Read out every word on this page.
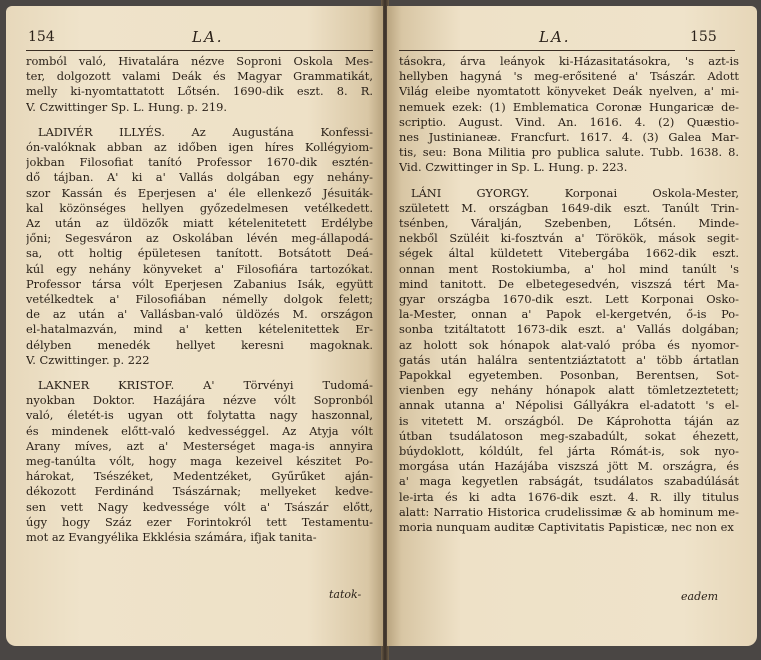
154	LA.
romból való, Hivatalára nézve Soproni Oskola Mes-
ter, dolgozott valami Deák és Magyar Grammatikát,
melly ki-nyomtattatott Lőtsén. 1690-dik eszt. 8. R.
V. Czwittinger Sp. L. Hung. p. 219.
LADIVÉR ILLYÉS. Az Augustána Konfessi-
ón-valóknak abban az időben igen híres Kollégyiom-
jokban Filosofiat tanító Professor 1670-dik esztén-
dő tájban. A' ki a' Vallás dolgában egy nehány-
szor Kassán és Eperjesen a' éle ellenkező Jésuiták-
kal közönséges hellyen győzedelmesen vetélkedett.
Az után az üldözők miatt kételenitetett Erdélybe
jőni; Segesváron az Oskolában lévén meg-állapodá-
sa, ott holtig épületesen tanított. Botsátott Deá-
kúl egy nehány könyveket a' Filosofiára tartozókat.
Professor társa vólt Eperjesen Zabanius Isák, együtt
vetélkedtek a' Filosofiában némelly dolgok felett;
de az után a' Vallásban-való üldözés M. országon
el-hatalmazván, mind a' ketten kételenitettek Er-
délyben menedék hellyet keresni magoknak.
V. Czwittinger. p. 222
LAKNER KRISTOF. A' Törvényi Tudomá-
nyokban Doktor. Hazájára nézve vólt Sopronból
való, életét-is ugyan ott folytatta nagy haszonnal,
és mindenek előtt-való kedvességgel. Az Atyja vólt
Arany míves, azt a' Mesterséget maga-is annyira
meg-tanúlta vólt, hogy maga kezeivel készitet Po-
hárokat, Tsészéket, Medentzéket, Gyűrűket aján-
dékozott Ferdinánd Tsászárnak; mellyeket kedve-
sen vett Nagy kedvessége vólt a' Tsászár előtt,
úgy hogy Száz ezer Forintokról tett Testamentu-
mot az Evangyélika Ekklésia számára, ifjak tanita-
tatok-
LA.	155
tásokra, árva leányok ki-Házasitatásokra, 's azt-is
hellyben hagyná 's meg-erősitené a' Tsászár. Adott
Világ eleibe nyomtatott könyveket Deák nyelven, a' mi-
nemuek ezek: (1) Emblematica Coronæ Hungaricæ de-
scriptio. August. Vind. An. 1616. 4. (2) Quæstio-
nes Justinianeæ. Francfurt. 1617. 4. (3) Galea Mar-
tis, seu: Bona Militia pro publica salute. Tubb. 1638. 8.
Vid. Czwittinger in Sp. L. Hung. p. 223.
LÁNI GYORGY. Korponai Oskola-Mester,
született M. országban 1649-dik eszt. Tanúlt Trin-
tsénben, Váralján, Szebenben, Lőtsén. Minde-
nekből Szüléit ki-fosztván a' Törökök, mások segit-
ségek által küldetett Vitebergába 1662-dik eszt.
onnan ment Rostokiumba, a' hol mind tanúlt 's
mind tanitott. De elbetegesedvén, viszszá tért Ma-
gyar országba 1670-dik eszt. Lett Korponai Osko-
la-Mester, onnan a' Papok el-kergetvén, ő-is Po-
sonba tzitáltatott 1673-dik eszt. a' Vallás dolgában;
az holott sok hónapok alat-való próba és nyomor-
gatás után halálra sententziáztatott a' több ártatlan
Papokkal egyetemben. Posonban, Berentsen, Sot-
vienben egy nehány hónapok alatt tömletzeztetett;
annak utanna a' Népolisi Gállyákra el-adatott 's el-
is vitetett M. országból. De Káprohotta táján az
útban tsudálatoson meg-szabadúlt, sokat éhezett,
búydoklott, kóldúlt, fel járta Rómát-is, sok nyo-
morgása után Hazájába viszszá jött M. országra, és
a' maga kegyetlen rabságát, tsudálatos szabadúlását
le-irta és ki adta 1676-dik eszt. 4. R. illy titulus
alatt: Narratio Historica crudelissimæ & ab hominum me-
moria nunquam auditæ Captivitatis Papisticæ, nec non ex
eadem
